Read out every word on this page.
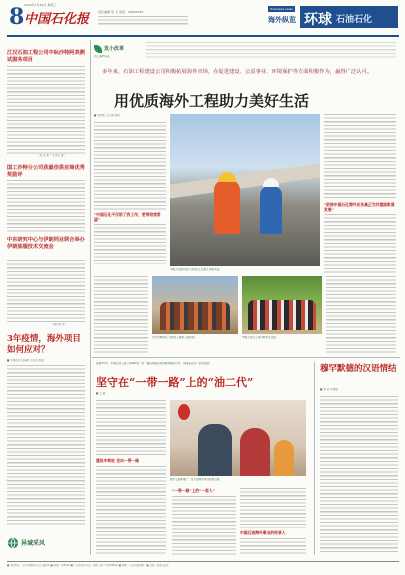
8 中国石化报
2022年1月26日 星期三
责任编辑 贺 飞 电话：59963765
Overseas news
海外纵览 环球 石油石化
江汉石油工程公司中标沙特阿美测试服务项目
（郑 文 黄一飞 吴山 曹）
国工沙特分公司获最佳供应商优秀奖励评
中东研究中心与伊朗同业联合举办伊朗油服技术交流会
（蒋全祥 张）
3年疫情，海外项目如何应对？
■ 中国石化 张海林 王家乐 陈锋
异域采风
发小改革
员工海外风采
多年来，石油工程建设公司积极拓展海外市场，在促进建设、公益事业、环境保护等方面积极作为，赢得广泛认可。
用优质海外工程助力美好生活
■ 刘雪松 王小波 杨斌
“中国石化不仅给了我工作，更带给我希望”
中国石化建设者与当地员工在施工现场交流。
“助推中国石化海外业务真正为共建国家谋发展”
吉尔吉斯项目 当地员工参加工程培训。	中国石化员工和当地学生合影。
疫情3年中，中国石油工程公司SKC在一带一路沿线国家持续推进服务合作，伴随着企业一步步发展。
坚守在“一带一路”上的“油二代”
■ 王 磊
建设中转站 走向一带一路
图为王磊和妻子、女儿在海外项目驻地合影。
“一带一路”上的“一家人”
中国石油海外事业的传承人
穆罕默德的汉语情结
■ 向 浩 李向斌
■ 本报地址：北京市朝阳区吉市口路9号 ■ 邮编：100020 ■ 广告经营许可证：京朝工商广字第0089号 ■ 印刷：人民日报印刷厂 ■ 每周一至周五出版
